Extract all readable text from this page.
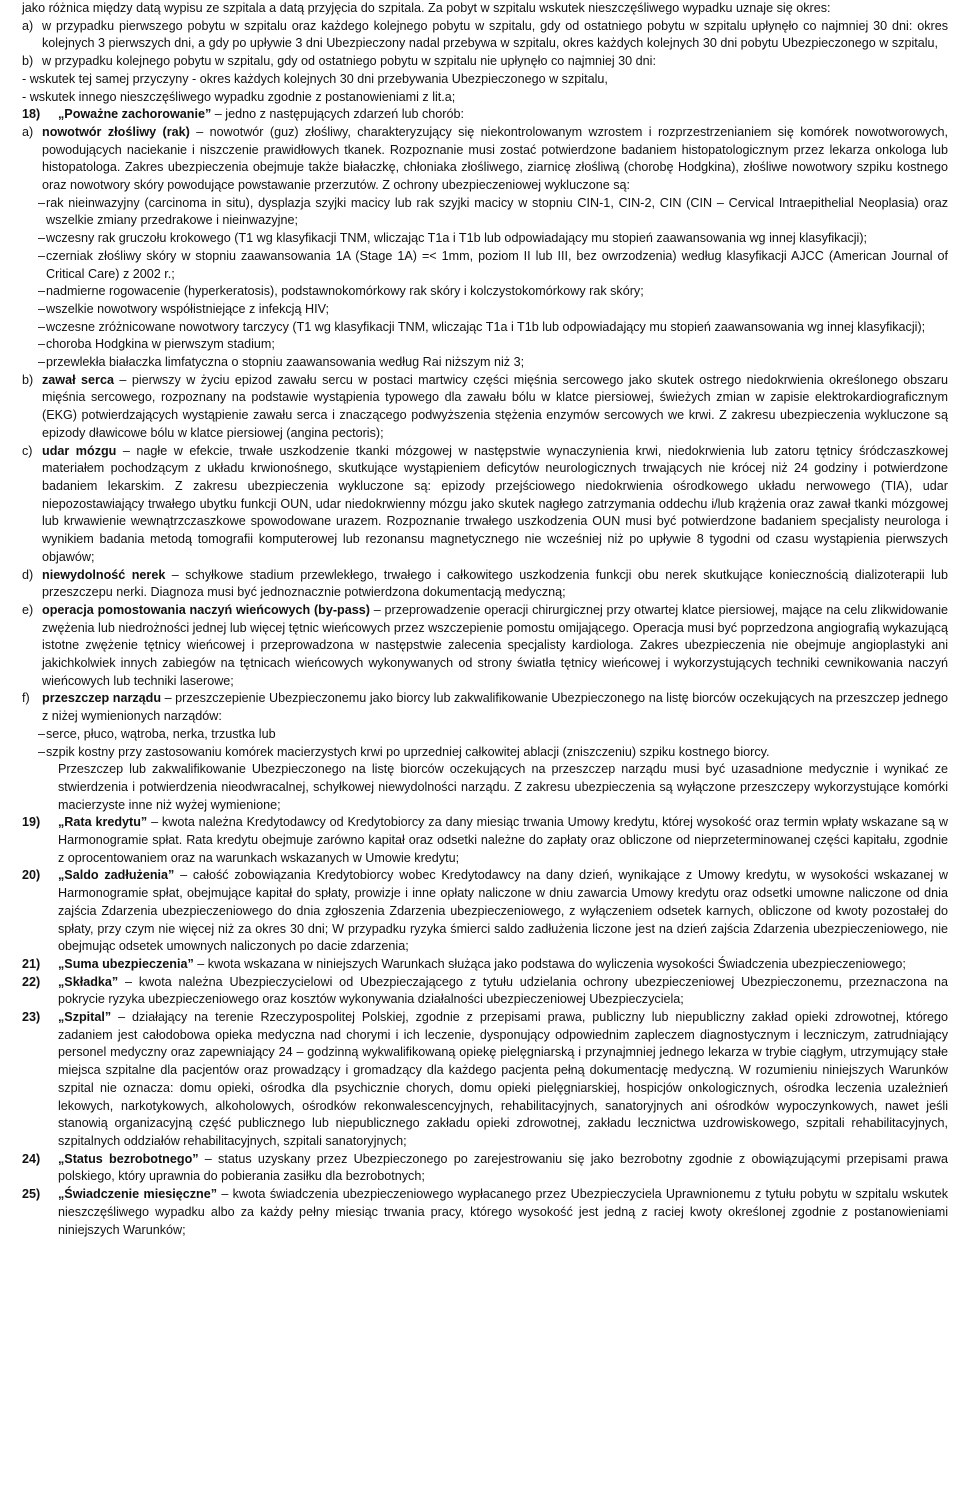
jako różnica między datą wypisu ze szpitala a datą przyjęcia do szpitala. Za pobyt w szpitalu wskutek nieszczęśliwego wypadku uznaje się okres:

a) w przypadku pierwszego pobytu w szpitalu oraz każdego kolejnego pobytu w szpitalu, gdy od ostatniego pobytu w szpitalu upłynęło co najmniej 30 dni: okres kolejnych 3 pierwszych dni, a gdy po upływie 3 dni Ubezpieczony nadal przebywa w szpitalu, okres każdych kolejnych 30 dni pobytu Ubezpieczonego w szpitalu,
b) w przypadku kolejnego pobytu w szpitalu, gdy od ostatniego pobytu w szpitalu nie upłynęło co najmniej 30 dni:

- wskutek tej samej przyczyny - okres każdych kolejnych 30 dni przebywania Ubezpieczonego w szpitalu,

- wskutek innego nieszczęśliwego wypadku zgodnie z postanowieniami z lit.a;

18)	„Poważne zachorowanie” – jedno z następujących zdarzeń lub chorób:
a) nowotwór złośliwy (rak) – nowotwór (guz) złośliwy, charakteryzujący się niekontrolowanym wzrostem i rozprzestrzenianiem się komórek nowotworowych, powodujących naciekanie i niszczenie prawidłowych tkanek. Rozpoznanie musi zostać potwierdzone badaniem histopatologicznym przez lekarza onkologa lub histopatologa. Zakres ubezpieczenia obejmuje także białaczkę, chłoniaka złośliwego, ziarnicę złośliwą (chorobę Hodgkina), złośliwe nowotwory szpiku kostnego oraz nowotwory skóry powodujące powstawanie przerzutów. Z ochrony ubezpieczeniowej wykluczone są:
– rak nieinwazyjny (carcinoma in situ), dysplazja szyjki macicy lub rak szyjki macicy w stopniu CIN-1, CIN-2, CIN (CIN – Cervical Intraepithelial Neoplasia) oraz wszelkie zmiany przedrakowe i nieinwazyjne;
– wczesny rak gruczołu krokowego (T1 wg klasyfikacji TNM, wliczając T1a i T1b lub odpowiadający mu stopień zaawansowania wg innej klasyfikacji);
– czerniak złośliwy skóry w stopniu zaawansowania 1A (Stage 1A) =< 1mm, poziom II lub III, bez owrzodzenia) według klasyfikacji AJCC (American Journal of Critical Care) z 2002 r.;
– nadmierne rogowacenie (hyperkeratosis), podstawnokomórkowy rak skóry i kolczystokomórkowy rak skóry;
– wszelkie nowotwory współistniejące z infekcją HIV;
– wczesne zróżnicowane nowotwory tarczycy (T1 wg klasyfikacji TNM, wliczając T1a i T1b lub odpowiadający mu stopień zaawansowania wg innej klasyfikacji);
– choroba Hodgkina w pierwszym stadium;
– przewlekła białaczka limfatyczna o stopniu zaawansowania według Rai niższym niż 3;
b) zawał serca – pierwszy w życiu epizod zawału sercu w postaci martwicy części mięśnia sercowego jako skutek ostrego niedokrwienia określonego obszaru mięśnia sercowego, rozpoznany na podstawie wystąpienia typowego dla zawału bólu w klatce piersiowej, świeżych zmian w zapisie elektrokardiograficznym (EKG) potwierdzających wystąpienie zawału serca i znaczącego podwyższenia stężenia enzymów sercowych we krwi. Z zakresu ubezpieczenia wykluczone są epizody dławicowe bólu w klatce piersiowej (angina pectoris);
c) udar mózgu – nagłe w efekcie, trwałe uszkodzenie tkanki mózgowej w następstwie wynaczynienia krwi, niedokrwienia lub zatoru tętnicy śródczaszkowej materiałem pochodzącym z układu krwionośnego, skutkujące wystąpieniem deficytów neurologicznych trwających nie krócej niż 24 godziny i potwierdzone badaniem lekarskim. Z zakresu ubezpieczenia wykluczone są: epizody przejściowego niedokrwienia ośrodkowego układu nerwowego (TIA), udar niepozostawiający trwałego ubytku funkcji OUN, udar niedokrwienny mózgu jako skutek nagłego zatrzymania oddechu i/lub krążenia oraz zawał tkanki mózgowej lub krwawienie wewnątrzczaszkowe spowodowane urazem. Rozpoznanie trwałego uszkodzenia OUN musi być potwierdzone badaniem specjalisty neurologa i wynikiem badania metodą tomografii komputerowej lub rezonansu magnetycznego nie wcześniej niż po upływie 8 tygodni od czasu wystąpienia pierwszych objawów;
d) niewydolność nerek – schyłkowe stadium przewlekłego, trwałego i całkowitego uszkodzenia funkcji obu nerek skutkujące koniecznością dializoterapii lub przeszczepu nerki. Diagnoza musi być jednoznacznie potwierdzona dokumentacją medyczną;
e) operacja pomostowania naczyń wieńcowych (by-pass) – przeprowadzenie operacji chirurgicznej przy otwartej klatce piersiowej, mające na celu zlikwidowanie zwężenia lub niedrożności jednej lub więcej tętnic wieńcowych przez wszczepienie pomostu omijającego. Operacja musi być poprzedzona angiografią wykazującą istotne zwężenie tętnicy wieńcowej i przeprowadzona w następstwie zalecenia specjalisty kardiologa. Zakres ubezpieczenia nie obejmuje angioplastyki ani jakichkolwiek innych zabiegów na tętnicach wieńcowych wykonywanych od strony światła tętnicy wieńcowej i wykorzystujących techniki cewnikowania naczyń wieńcowych lub techniki laserowe;
f) przeszczep narządu – przeszczepienie Ubezpieczonemu jako biorcy lub zakwalifikowanie Ubezpieczonego na listę biorców oczekujących na przeszczep jednego z niżej wymienionych narządów:
– serce, płuco, wątroba, nerka, trzustka lub
– szpik kostny przy zastosowaniu komórek macierzystych krwi po uprzedniej całkowitej ablacji (zniszczeniu) szpiku kostnego biorcy.

Przeszczep lub zakwalifikowanie Ubezpieczonego na listę biorców oczekujących na przeszczep narządu musi być uzasadnione medycznie i wynikać ze stwierdzenia i potwierdzenia nieodwracalnej, schyłkowej niewydolności narządu. Z zakresu ubezpieczenia są wyłączone przeszczepy wykorzystujące komórki macierzyste inne niż wyżej wymienione;

19)	„Rata kredytu” – kwota należna Kredytodawcy od Kredytobiorcy za dany miesiąc trwania Umowy kredytu, której wysokość oraz termin wpłaty wskazane są w Harmonogramie spłat. Rata kredytu obejmuje zarówno kapitał oraz odsetki należne do zapłaty oraz obliczone od nieprzeterminowanej części kapitału, zgodnie z oprocentowaniem oraz na warunkach wskazanych w Umowie kredytu;
20)	„Saldo zadłużenia” – całość zobowiązania Kredytobiorcy wobec Kredytodawcy na dany dzień, wynikające z Umowy kredytu, w wysokości wskazanej w Harmonogramie spłat, obejmujące kapitał do spłaty, prowizje i inne opłaty naliczone w dniu zawarcia Umowy kredytu oraz odsetki umowne naliczone od dnia zajścia Zdarzenia ubezpieczeniowego do dnia zgłoszenia Zdarzenia ubezpieczeniowego, z wyłączeniem odsetek karnych, obliczone od kwoty pozostałej do spłaty, przy czym nie więcej niż za okres 30 dni; W przypadku ryzyka śmierci saldo zadłużenia liczone jest na dzień zajścia Zdarzenia ubezpieczeniowego, nie obejmując odsetek umownych naliczonych po dacie zdarzenia;
21)	„Suma ubezpieczenia” – kwota wskazana w niniejszych Warunkach służąca jako podstawa do wyliczenia wysokości Świadczenia ubezpieczeniowego;
22)	„Składka” – kwota należna Ubezpieczycielowi od Ubezpieczającego z tytułu udzielania ochrony ubezpieczeniowej Ubezpieczonemu, przeznaczona na pokrycie ryzyka ubezpieczeniowego oraz kosztów wykonywania działalności ubezpieczeniowej Ubezpieczyciela;
23)	„Szpital” – działający na terenie Rzeczypospolitej Polskiej, zgodnie z przepisami prawa, publiczny lub niepubliczny zakład opieki zdrowotnej, którego zadaniem jest całodobowa opieka medyczna nad chorymi i ich leczenie, dysponujący odpowiednim zapleczem diagnostycznym i leczniczym, zatrudniający personel medyczny oraz zapewniający 24 – godzinną wykwalifikowaną opiekę pielęgniarską i przynajmniej jednego lekarza w trybie ciągłym, utrzymujący stałe miejsca szpitalne dla pacjentów oraz prowadzący i gromadzący dla każdego pacjenta pełną dokumentację medyczną. W rozumieniu niniejszych Warunków szpital nie oznacza: domu opieki, ośrodka dla psychicznie chorych, domu opieki pielęgniarskiej, hospicjów onkologicznych, ośrodka leczenia uzależnień lekowych, narkotykowych, alkoholowych, ośrodków rekonwalescencyjnych, rehabilitacyjnych, sanatoryjnych ani ośrodków wypoczynkowych, nawet jeśli stanowią organizacyjną część publicznego lub niepublicznego zakładu opieki zdrowotnej, zakładu lecznictwa uzdrowiskowego, szpitali rehabilitacyjnych, szpitalnych oddziałów rehabilitacyjnych, szpitali sanatoryjnych;
24)	„Status bezrobotnego” – status uzyskany przez Ubezpieczonego po zarejestrowaniu się jako bezrobotny zgodnie z obowiązującymi przepisami prawa polskiego, który uprawnia do pobierania zasiłku dla bezrobotnych;
25)	„Świadczenie miesięczne” – kwota świadczenia ubezpieczeniowego wypłacanego przez Ubezpieczyciela Uprawnionemu z tytułu pobytu w szpitalu wskutek nieszczęśliwego wypadku albo za każdy pełny miesiąc trwania pracy, którego wysokość jest jedną z raciej kwoty określonej zgodnie z postanowieniami niniejszych Warunków;
